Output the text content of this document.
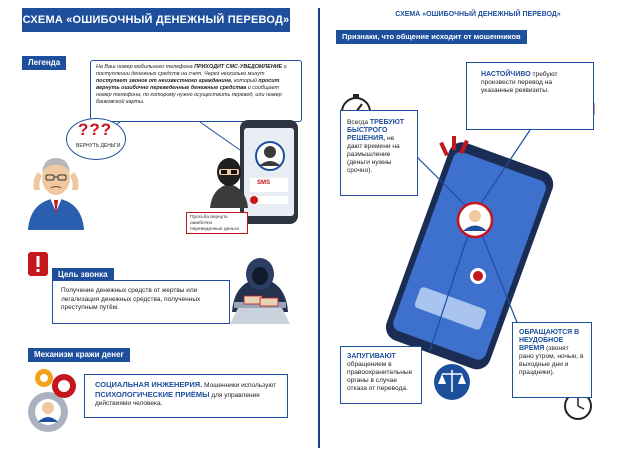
СХЕМА «ОШИБОЧНЫЙ ДЕНЕЖНЫЙ ПЕРЕВОД»
Легенда	На Ваш номер мобильного телефона ПРИХОДИТ СМС-УВЕДОМЛЕНИЕ о поступлении денежных средств на счет. Через несколько минут поступает звонок от неизвестного гражданина, который просит вернуть ошибочно переведенные денежные средства и сообщает номер телефона, по которому нужно осуществить перевод, или номер банковской карты.
???
ВЕРНУТЬ ДЕНЬГИ
SMS
Просьба вернуть ошибочно переведенные деньги
Цель звонка
Получение денежных средств от жертвы или легализация денежных средства, полученных преступным путём.
Механизм кражи денег
СОЦИАЛЬНАЯ ИНЖЕНЕРИЯ. Мошенники используют ПСИХОЛОГИЧЕСКИЕ ПРИЁМЫ для управления действиями человека.
СХЕМА «ОШИБОЧНЫЙ ДЕНЕЖНЫЙ ПЕРЕВОД»
Признаки, что общение исходит от мошенников
Всегда ТРЕБУЮТ БЫСТРОГО РЕШЕНИЯ, не дают времени на размышление (деньги нужны срочно).
НАСТОЙЧИВО требуют произвести перевод на указанные реквизиты.
ЗАПУГИВАЮТ обращением в правоохранительные органы в случае отказа от перевода.
ОБРАЩАЮТСЯ В НЕУДОБНОЕ ВРЕМЯ (звонят рано утром, ночью, в выходные дни и праздники).
